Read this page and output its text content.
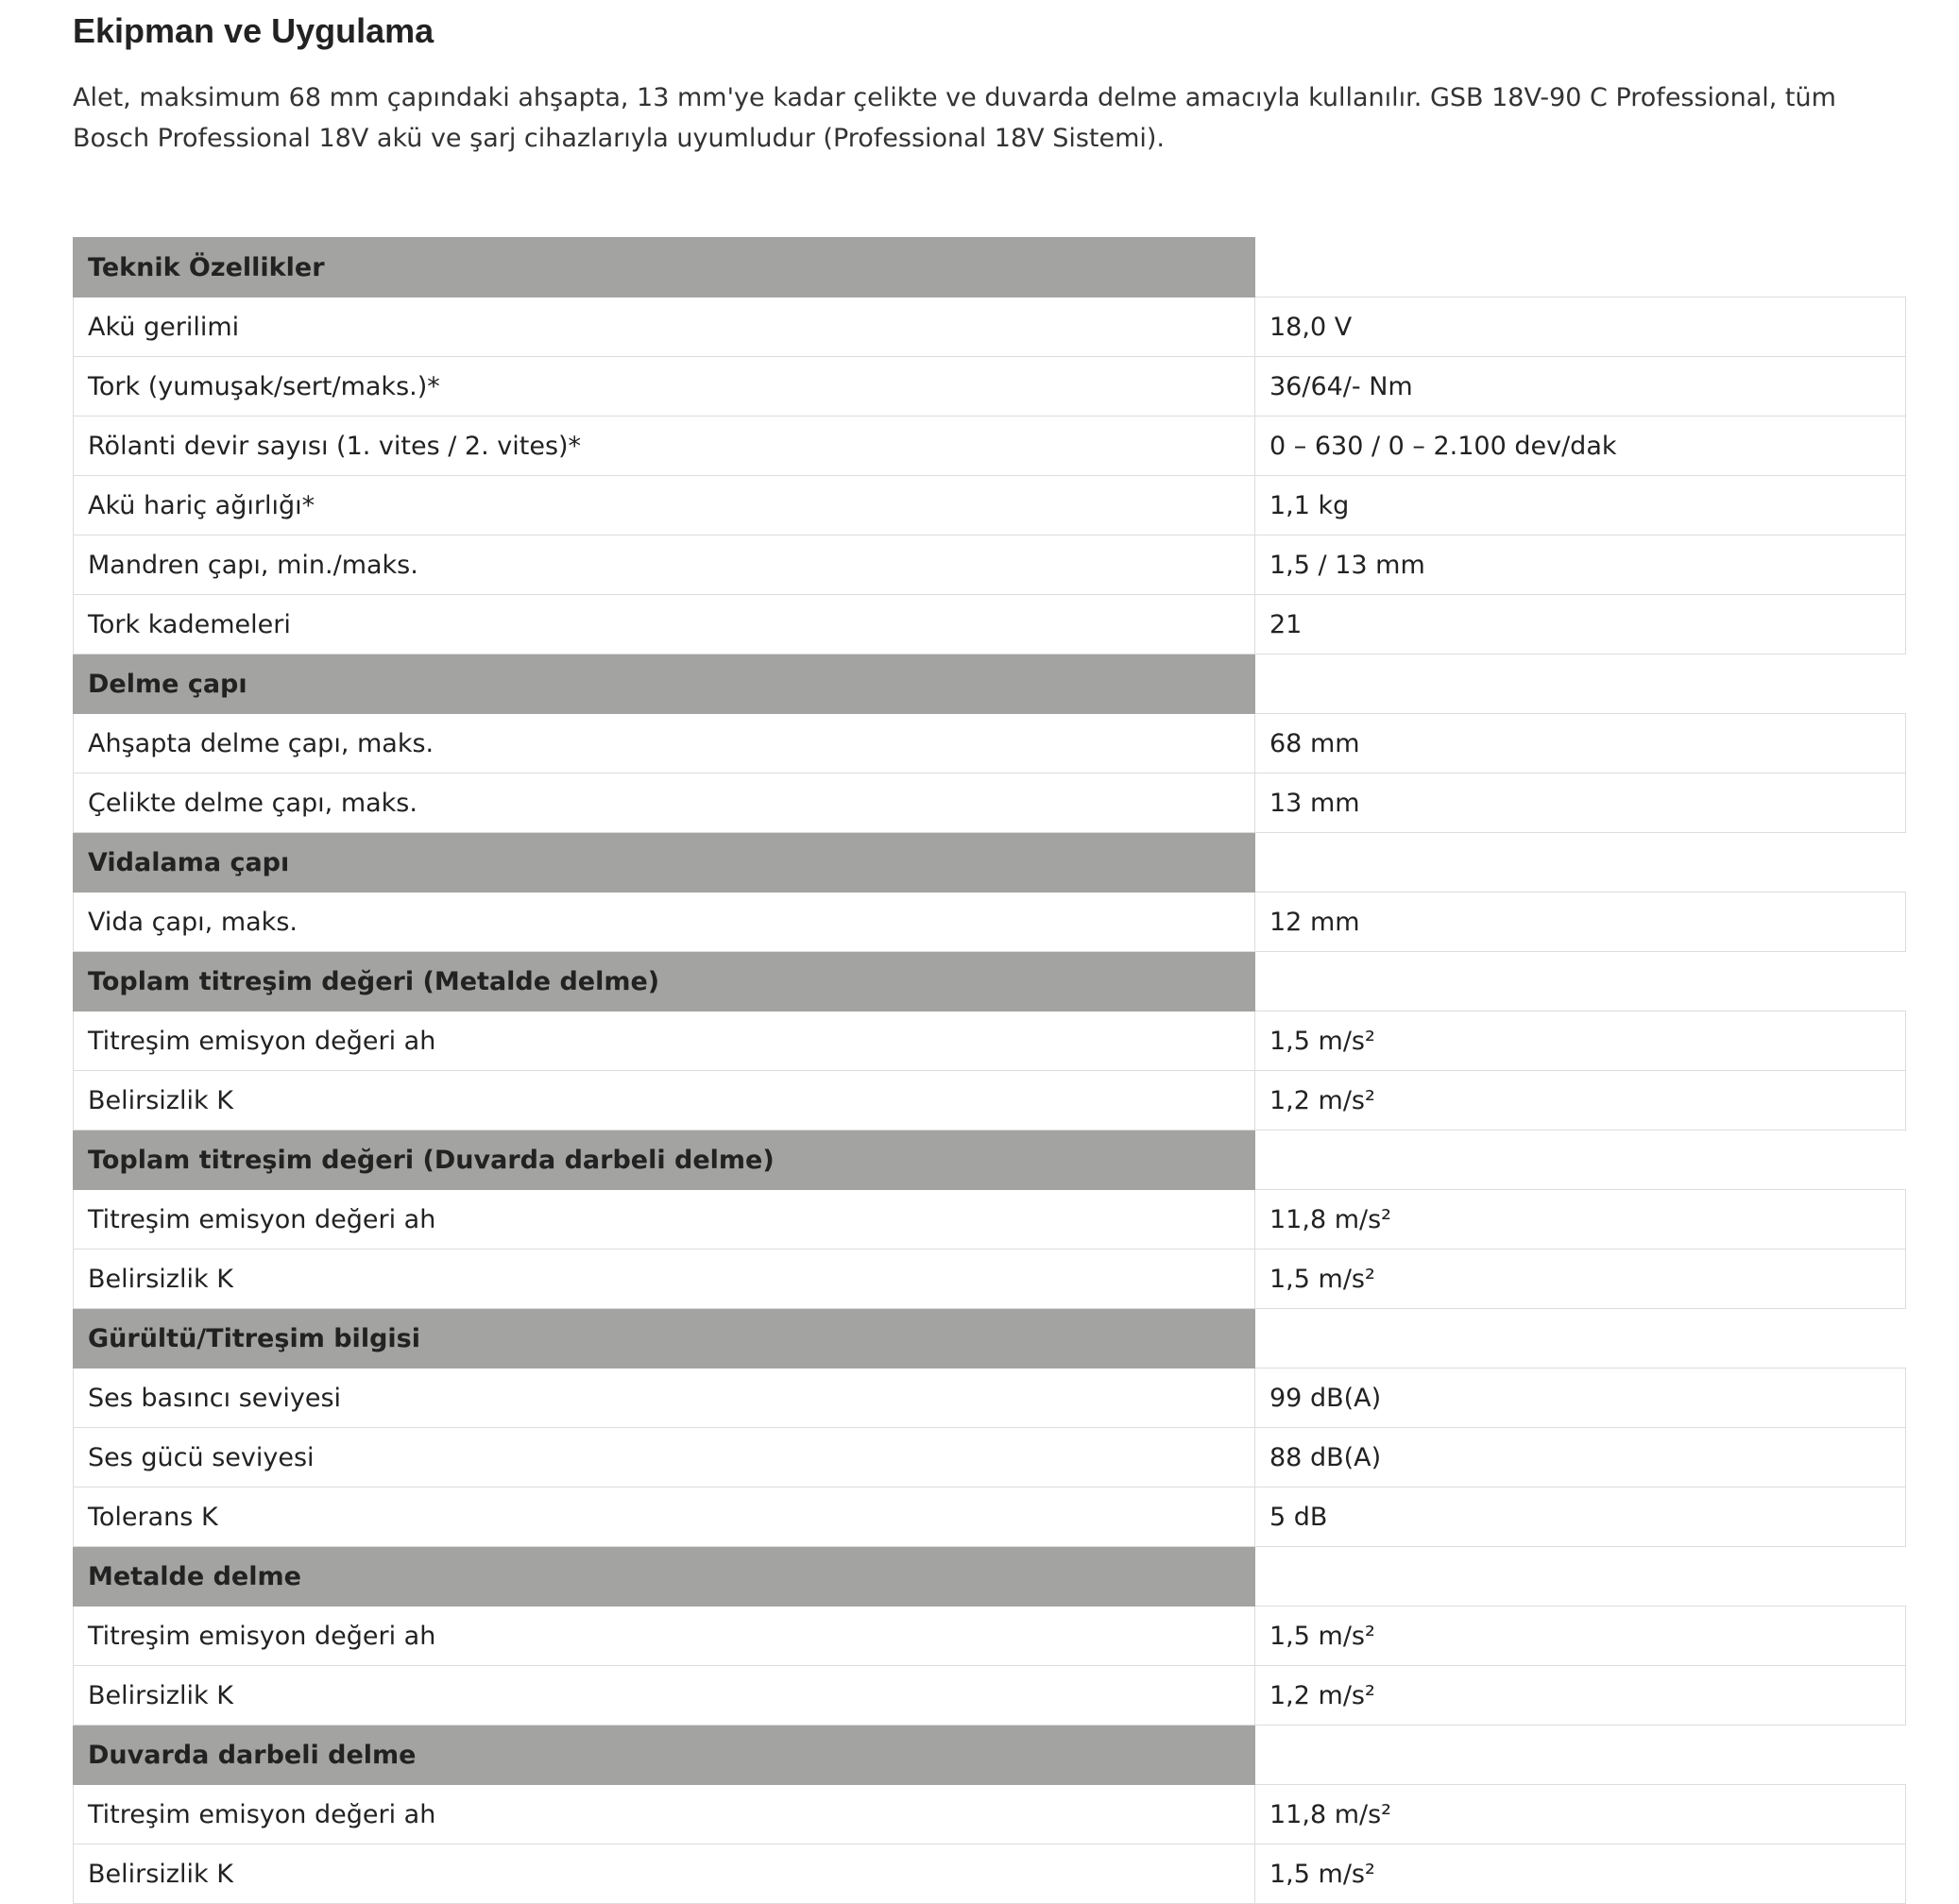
Ekipman ve Uygulama

Alet, maksimum 68 mm çapındaki ahşapta, 13 mm'ye kadar çelikte ve duvarda delme amacıyla kullanılır. GSB 18V-90 C Professional, tüm Bosch Professional 18V akü ve şarj cihazlarıyla uyumludur (Professional 18V Sistemi).

Teknik Özellikler	
Akü gerilimi	18,0 V
Tork (yumuşak/sert/maks.)*	36/64/- Nm
Rölanti devir sayısı (1. vites / 2. vites)*	0 – 630 / 0 – 2.100 dev/dak
Akü hariç ağırlığı*	1,1 kg
Mandren çapı, min./maks.	1,5 / 13 mm
Tork kademeleri	21
Delme çapı	
Ahşapta delme çapı, maks.	68 mm
Çelikte delme çapı, maks.	13 mm
Vidalama çapı	
Vida çapı, maks.	12 mm
Toplam titreşim değeri (Metalde delme)	
Titreşim emisyon değeri ah	1,5 m/s²
Belirsizlik K	1,2 m/s²
Toplam titreşim değeri (Duvarda darbeli delme)	
Titreşim emisyon değeri ah	11,8 m/s²
Belirsizlik K	1,5 m/s²
Gürültü/Titreşim bilgisi	
Ses basıncı seviyesi	99 dB(A)
Ses gücü seviyesi	88 dB(A)
Tolerans K	5 dB
Metalde delme	
Titreşim emisyon değeri ah	1,5 m/s²
Belirsizlik K	1,2 m/s²
Duvarda darbeli delme	
Titreşim emisyon değeri ah	11,8 m/s²
Belirsizlik K	1,5 m/s²
